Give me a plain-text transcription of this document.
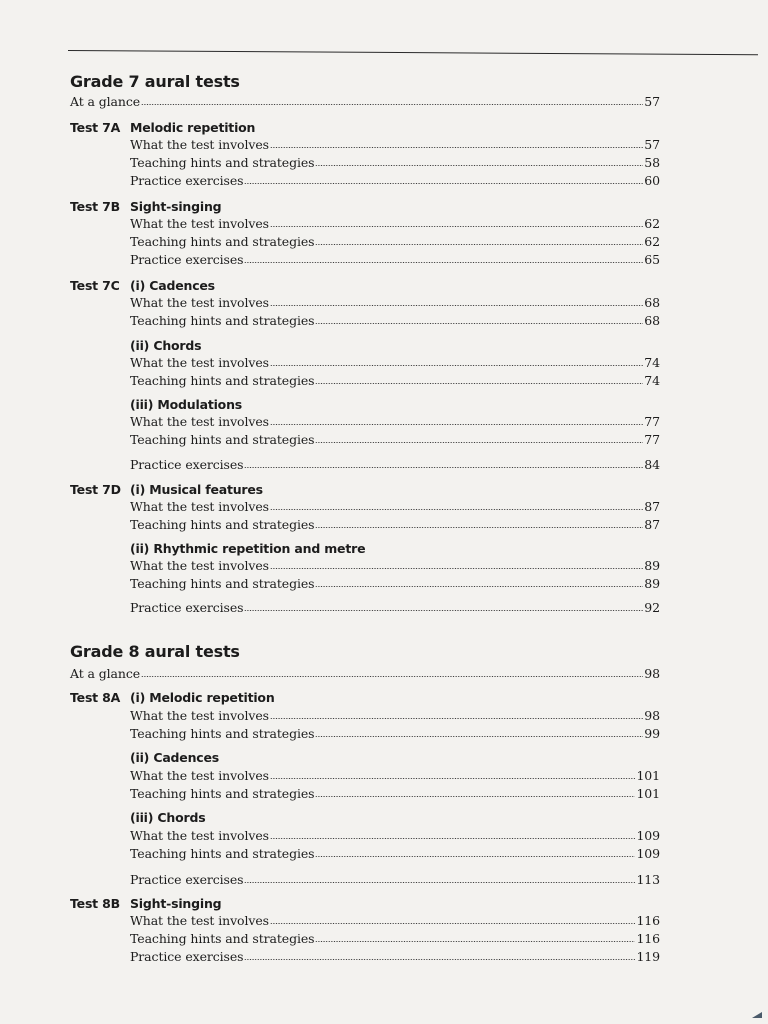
Grade 7 aural tests
At a glance	57
Test 7A Melodic repetition
What the test involves	57
Teaching hints and strategies	58
Practice exercises	60
Test 7B Sight-singing
What the test involves	62
Teaching hints and strategies	62
Practice exercises	65
Test 7C (i) Cadences
What the test involves	68
Teaching hints and strategies	68
(ii) Chords
What the test involves	74
Teaching hints and strategies	74
(iii) Modulations
What the test involves	77
Teaching hints and strategies	77
Practice exercises	84
Test 7D (i) Musical features
What the test involves	87
Teaching hints and strategies	87
(ii) Rhythmic repetition and metre
What the test involves	89
Teaching hints and strategies	89
Practice exercises	92
Grade 8 aural tests
At a glance	98
Test 8A (i) Melodic repetition
What the test involves	98
Teaching hints and strategies	99
(ii) Cadences
What the test involves	101
Teaching hints and strategies	101
(iii) Chords
What the test involves	109
Teaching hints and strategies	109
Practice exercises	113
Test 8B Sight-singing
What the test involves	116
Teaching hints and strategies	116
Practice exercises	119
